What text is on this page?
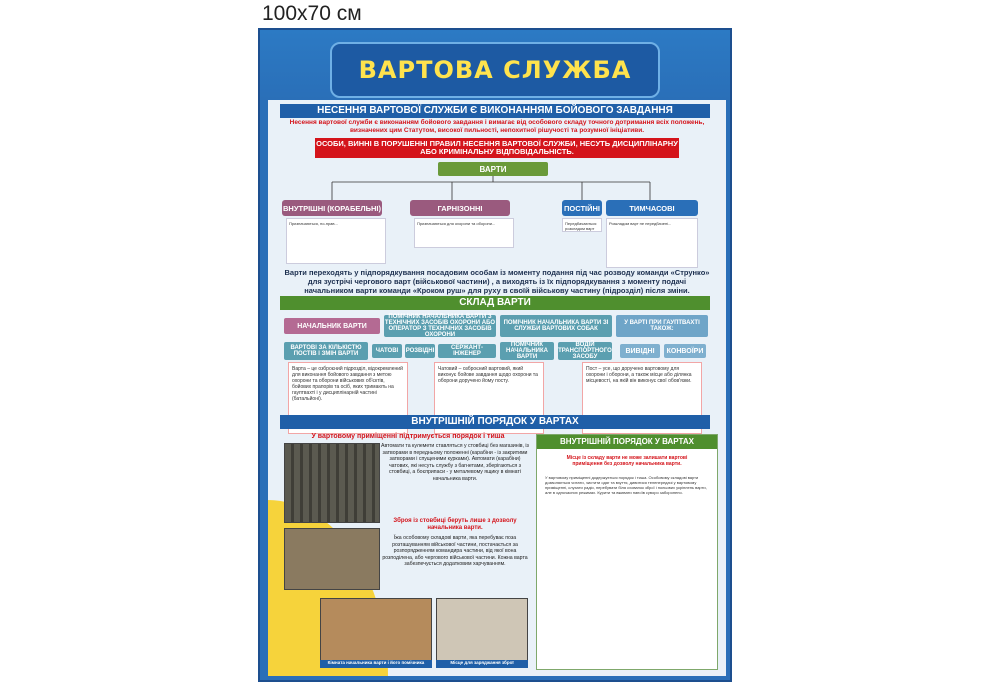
100x70 см
ВАРТОВА СЛУЖБА
НЕСЕННЯ ВАРТОВОЇ СЛУЖБИ Є ВИКОНАННЯМ БОЙОВОГО ЗАВДАННЯ
Несення вартової служби є виконанням бойового завдання і вимагає від особового складу точного дотримання всіх положень, визначених цим Статутом, високої пильності, непохитної рішучості та розумної ініціативи.
ОСОБИ, ВИННІ В ПОРУШЕННІ ПРАВИЛ НЕСЕННЯ ВАРТОВОЇ СЛУЖБИ, НЕСУТЬ ДИСЦИПЛІНАРНУ АБО КРИМІНАЛЬНУ ВІДПОВІДАЛЬНІСТЬ.
ВАРТИ
ВНУТРІШНІ (КОРАБЕЛЬНІ)	ГАРНІЗОННІ	ПОСТІЙНІ	ТИМЧАСОВІ
Призначаються, по-прав...	Призначаються для охорони та оборони...	Передбачаються розкладом варт
Розкладом варт не передбачені...
Варти переходять у підпорядкування посадовим особам із моменту подання під час розводу команди «Струнко» для зустрічі чергового варт (військової частини) , а виходять із їх підпорядкування з моменту подачі начальником варти команди «Кроком руш» для руху в своїй військову частину (підрозділ) після зміни.
СКЛАД ВАРТИ
НАЧАЛЬНИК ВАРТИ
ПОМІЧНИК НАЧАЛЬНИКА ВАРТИ З ТЕХНІЧНИХ ЗАСОБІВ ОХОРОНИ АБО ОПЕРАТОР З ТЕХНІЧНИХ ЗАСОБІВ ОХОРОНИ
ПОМІЧНИК НАЧАЛЬНИКА ВАРТИ ЗІ СЛУЖБИ ВАРТОВИХ СОБАК
У ВАРТІ ПРИ ГАУПТВАХТІ ТАКОЖ:
ВАРТОВІ ЗА КІЛЬКІСТЮ ПОСТІВ І ЗМІН ВАРТИ	ЧАТОВІ	РОЗВІДНІ	СЕРЖАНТ-ІНЖЕНЕР
ПОМІЧНИК НАЧАЛЬНИКА ВАРТИ
ВОДІЙ ТРАНСПОРТНОГО ЗАСОБУ
ВИВІДНІ	КОНВОЇРИ
Варта – це озброєний підрозділ, відокремлений для виконання бойового завдання з метою охорони та оборони військових об'єктів, бойових прапорів та осіб, яких тримають на гауптвахті і у дисциплінарній частині (батальйоні).
Чатовий – озброєний вартовий, який виконує бойове завдання щодо охорони та оборони доручено йому посту.
Пост – усе, що доручено вартовому для охорони і оборони, а також місце або ділянка місцевості, на якій він виконує свої обов'язки.
ВНУТРІШНІЙ ПОРЯДОК У ВАРТАХ
У вартовому приміщенні підтримується порядок і тиша
Кімната начальника варти і його помічника	Місце для заряджання зброї
Автомати та кулемети ставляться у стовбиці без магазинів, із затворами в передньому положенні (карабіни - із закритими затворами і спущеними курками). Автомати (карабіни) чатових, які несуть службу з багнетами, зберігаються з стовбиці, а боєприпаси - у металевому ящику в кімнаті начальника варти.
Зброя із стовбиці беруть лише з дозволу начальника варти.
Їжа особовому складові варти, яка перебуває поза розташуванням військової частини, постачається за розпорядженням командира частини, від якої вона розподілена, або чергового військової частини. Кожна варта забезпечується додатковим харчуванням.
ВНУТРІШНІЙ ПОРЯДОК У ВАРТАХ
Місце із складу варти не може залишати вартові приміщення без дозволу начальника варти.
У вартовому приміщенні додержується порядок і тиша. Особовому складові варти дозволяється читати, чистити одяг та взуття, дивитися телепередачі у вартовому приміщенні, слухати радіо, перебувати біля схованок зброї і польових укріплень варти, але в одночасних режимах. Курити та вживати напоїв суворо заборонено.
